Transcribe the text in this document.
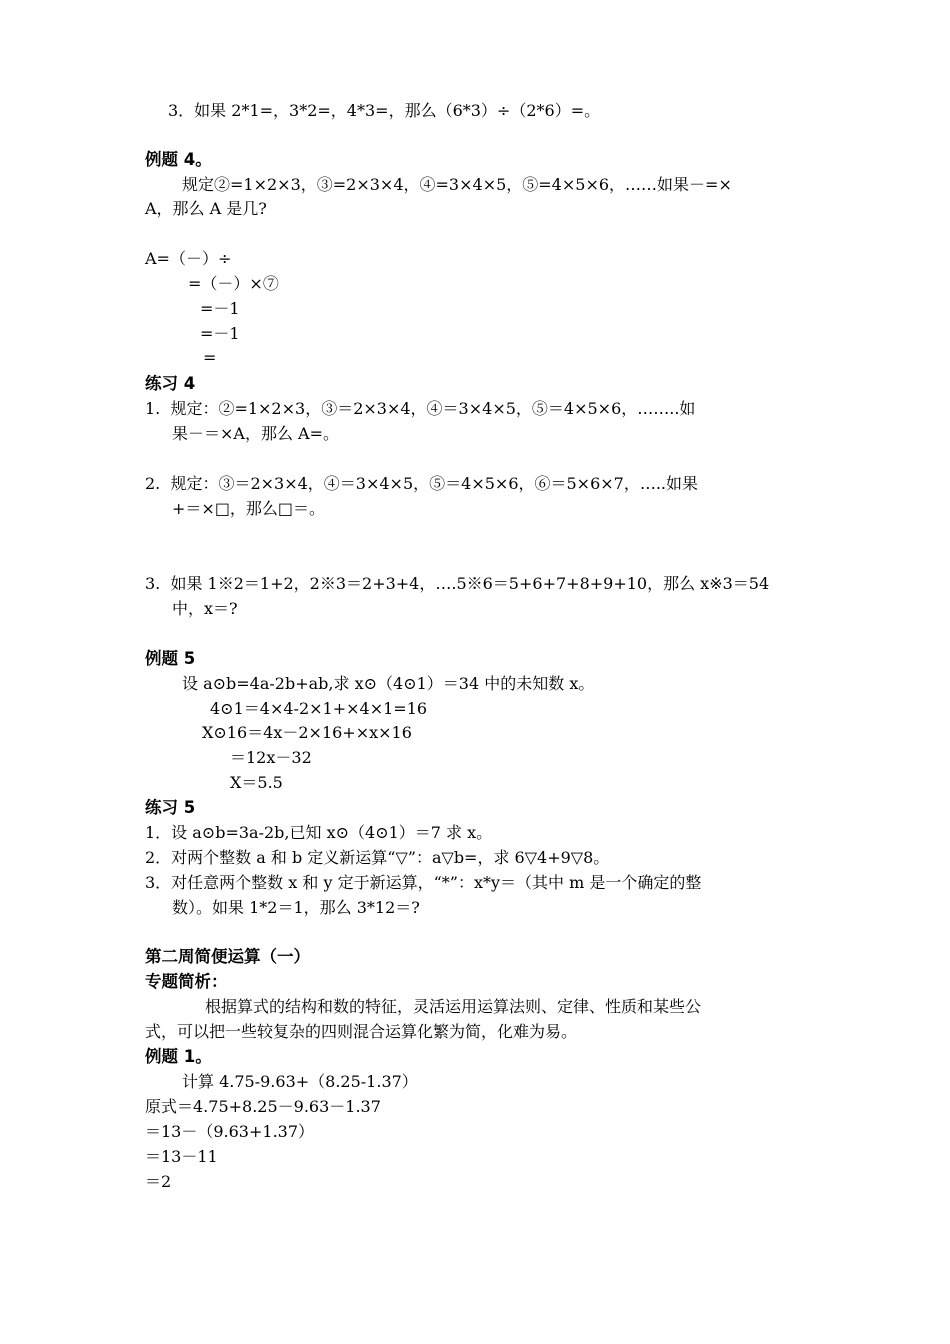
3．如果 2*1=，3*2=，4*3=，那么（6*3）÷（2*6）=。

例题 4。

规定②=1×2×3，③=2×3×4，④=3×4×5，⑤=4×5×6，……如果－=×

A，那么 A 是几?

A=（－）÷

=（－）×⑦

=－1

=－1

=

练习 4

1.  规定：②=1×2×3，③＝2×3×4，④＝3×4×5，⑤＝4×5×6，……..如

果－＝×A，那么 A=。

2.  规定：③＝2×3×4，④＝3×4×5，⑤＝4×5×6，⑥＝5×6×7，…..如果

+＝×□，那么□＝。

3.  如果 1※2＝1+2，2※3＝2+3+4，….5※6＝5+6+7+8+9+10，那么 x※3＝54

中，x＝?

例题 5

设 a⊙b=4a-2b+ab,求 x⊙（4⊙1）＝34 中的未知数 x。

4⊙1＝4×4-2×1+×4×1=16

X⊙16＝4x－2×16+×x×16

＝12x－32

X＝5.5

练习 5

1．设 a⊙b=3a-2b,已知 x⊙（4⊙1）＝7 求 x。

2．对两个整数 a 和 b 定义新运算“▽”：a▽b=，求 6▽4+9▽8。

3．对任意两个整数 x 和 y 定于新运算，“*”：x*y＝（其中 m 是一个确定的整

数）。如果 1*2＝1，那么 3*12＝?

第二周简便运算（一）

专题简析：

根据算式的结构和数的特征，灵活运用运算法则、定律、性质和某些公

式，可以把一些较复杂的四则混合运算化繁为简，化难为易。

例题 1。

计算 4.75-9.63+（8.25-1.37）

原式＝4.75+8.25－9.63－1.37

＝13－（9.63+1.37）

＝13－11

＝2
